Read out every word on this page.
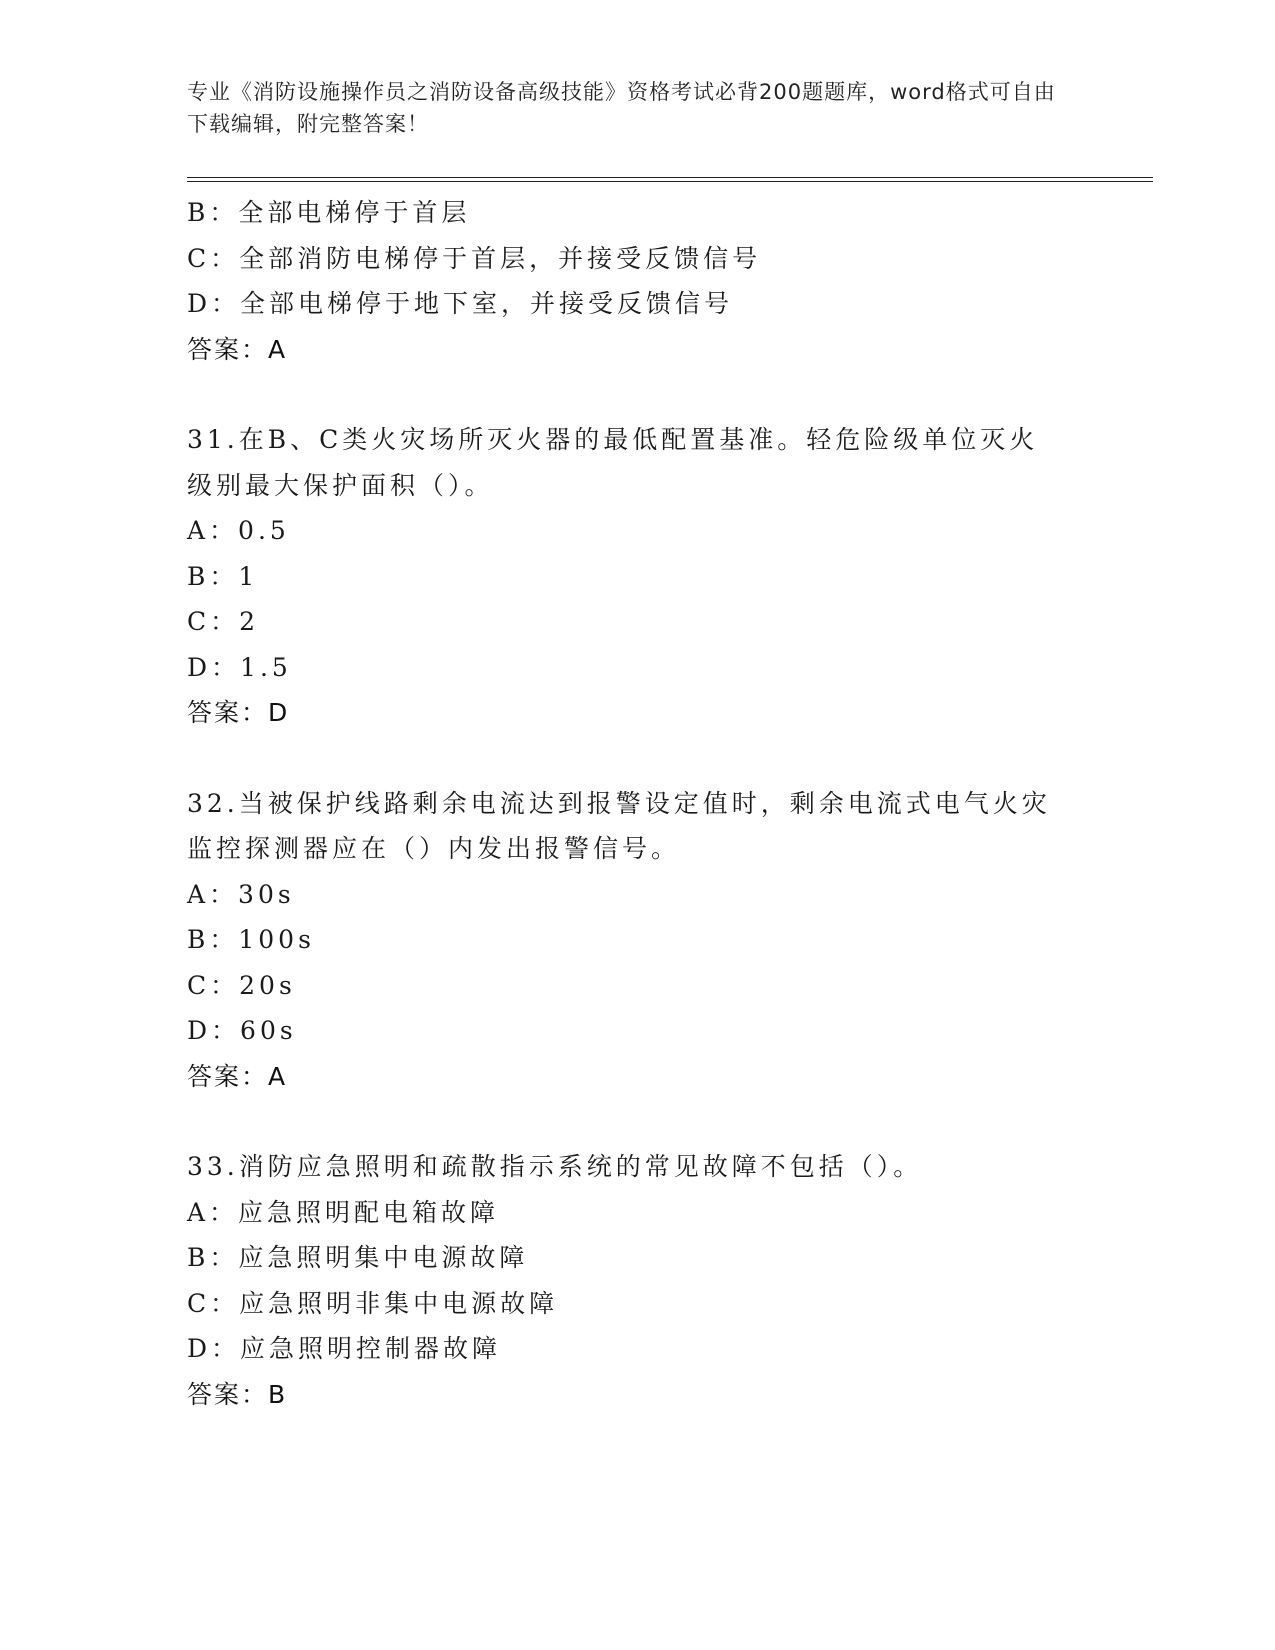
专业《消防设施操作员之消防设备高级技能》资格考试必背200题题库，word格式可自由下载编辑，附完整答案！
B：全部电梯停于首层
C：全部消防电梯停于首层，并接受反馈信号
D：全部电梯停于地下室，并接受反馈信号
答案：A
31.在B、C类火灾场所灭火器的最低配置基准。轻危险级单位灭火级别最大保护面积（）。
A：0.5
B：1
C：2
D：1.5
答案：D
32.当被保护线路剩余电流达到报警设定值时，剩余电流式电气火灾监控探测器应在（）内发出报警信号。
A：30s
B：100s
C：20s
D：60s
答案：A
33.消防应急照明和疏散指示系统的常见故障不包括（）。
A：应急照明配电箱故障
B：应急照明集中电源故障
C：应急照明非集中电源故障
D：应急照明控制器故障
答案：B
